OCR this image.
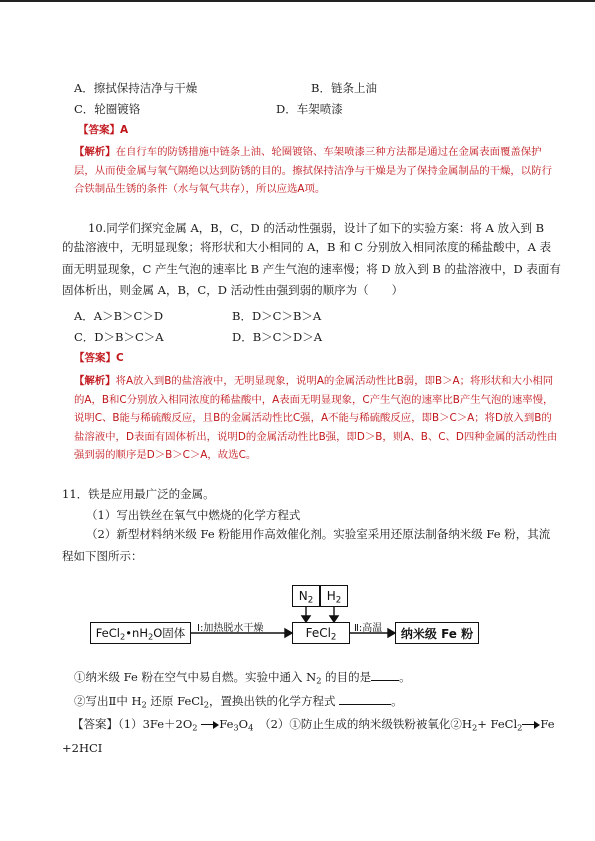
A．擦拭保持洁净与干燥	B．链条上油
C．轮圈镀铬	D．车架喷漆
【答案】A
【解析】在自行车的防锈措施中链条上油、轮圈镀铬、车架喷漆三种方法都是通过在金属表面覆盖保护层，从而使金属与氧气隔绝以达到防锈的目的。擦拭保持洁净与干燥是为了保持金属制品的干燥，以防行合铁制品生锈的条件（水与氧气共存），所以应选A项。
10.同学们探究金属 A，B，C，D 的活动性强弱，设计了如下的实验方案：将 A 放入到 B
的盐溶液中，无明显现象；将形状和大小相同的 A，B 和 C 分别放入相同浓度的稀盐酸中，A 表面无明显现象，C 产生气泡的速率比 B 产生气泡的速率慢；将 D 放入到 B 的盐溶液中，D 表面有固体析出，则金属 A，B，C，D 活动性由强到弱的顺序为（　　）
A．A＞B＞C＞D	B．D＞C＞B＞A
C．D＞B＞C＞A	D．B＞C＞D＞A
【答案】C
【解析】将A放入到B的盐溶液中，无明显现象，说明A的金属活动性比B弱，即B＞A；将形状和大小相同的A，B和C分别放入相同浓度的稀盐酸中，A表面无明显现象，C产生气泡的速率比B产生气泡的速率慢，说明C、B能与稀硫酸反应，且B的金属活动性比C强，A不能与稀硫酸反应，即B＞C＞A；将D放入到B的盐溶液中，D表面有固体析出，说明D的金属活动性比B强，即D＞B，则A、B、C、D四种金属的活动性由强到弱的顺序是D＞B＞C＞A，故选C。
11．铁是应用最广泛的金属。
（1）写出铁丝在氧气中燃烧的化学方程式
（2）新型材料纳米级 Fe 粉能用作高效催化剂。实验室采用还原法制备纳米级 Fe 粉，其流程如下图所示：
$N_2$ $H_2$
$FeCl_2•nH_2O$固体	FeCl$_2$	纳米级 Fe 粉
Ⅰ:加热脱水干燥	Ⅱ:高温
①纳米级 Fe 粉在空气中易自燃。实验中通入 $N_2$ 的目的是 。
②写出Ⅱ中 $H_2$ 还原 FeCl$_2$，置换出铁的化学方程式	。
【答案】$(1)3Fe+2O_2$ $Fe_3O_4$　 （2）①防止生成的纳米级铁粉被氧化$②H_2+$ FeCl$_2$ Fe
+2HCI
